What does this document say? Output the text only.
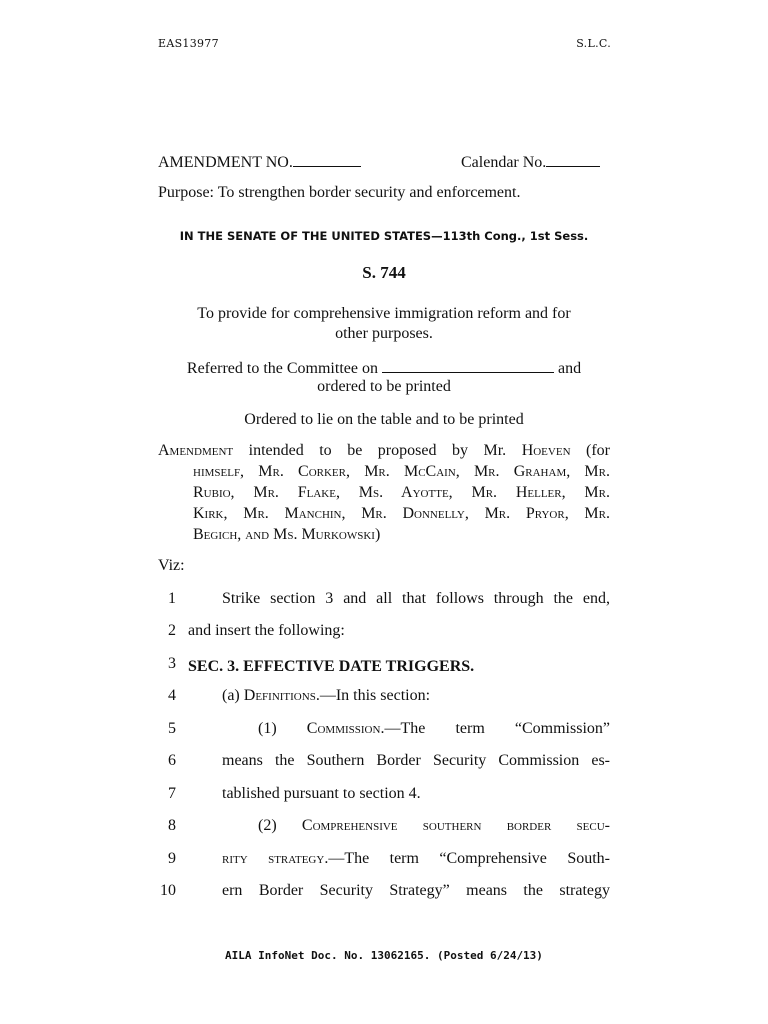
EAS13977	S.L.C.
AMENDMENT NO.	Calendar No.
Purpose: To strengthen border security and enforcement.
IN THE SENATE OF THE UNITED STATES—113th Cong., 1st Sess.
S. 744
To provide for comprehensive immigration reform and for
other purposes.
Referred to the Committee on	and
ordered to be printed
Ordered to lie on the table and to be printed
Amendment intended to be proposed by Mr. Hoeven (for
himself, Mr. Corker, Mr. McCain, Mr. Graham, Mr.
Rubio, Mr. Flake, Ms. Ayotte, Mr. Heller, Mr.
Kirk, Mr. Manchin, Mr. Donnelly, Mr. Pryor, Mr.
Begich, and Ms. Murkowski)
Viz:
1	Strike section 3 and all that follows through the end,
2 and insert the following:
3 SEC. 3. EFFECTIVE DATE TRIGGERS.
4	(a) Definitions.—In this section:
5	(1) Commission.—The term “Commission”
6	means the Southern Border Security Commission es-
7	tablished pursuant to section 4.
8	(2) Comprehensive southern border secu-
9	rity strategy.—The term “Comprehensive South-
10	ern Border Security Strategy” means the strategy
AILA InfoNet Doc. No. 13062165. (Posted 6/24/13)
